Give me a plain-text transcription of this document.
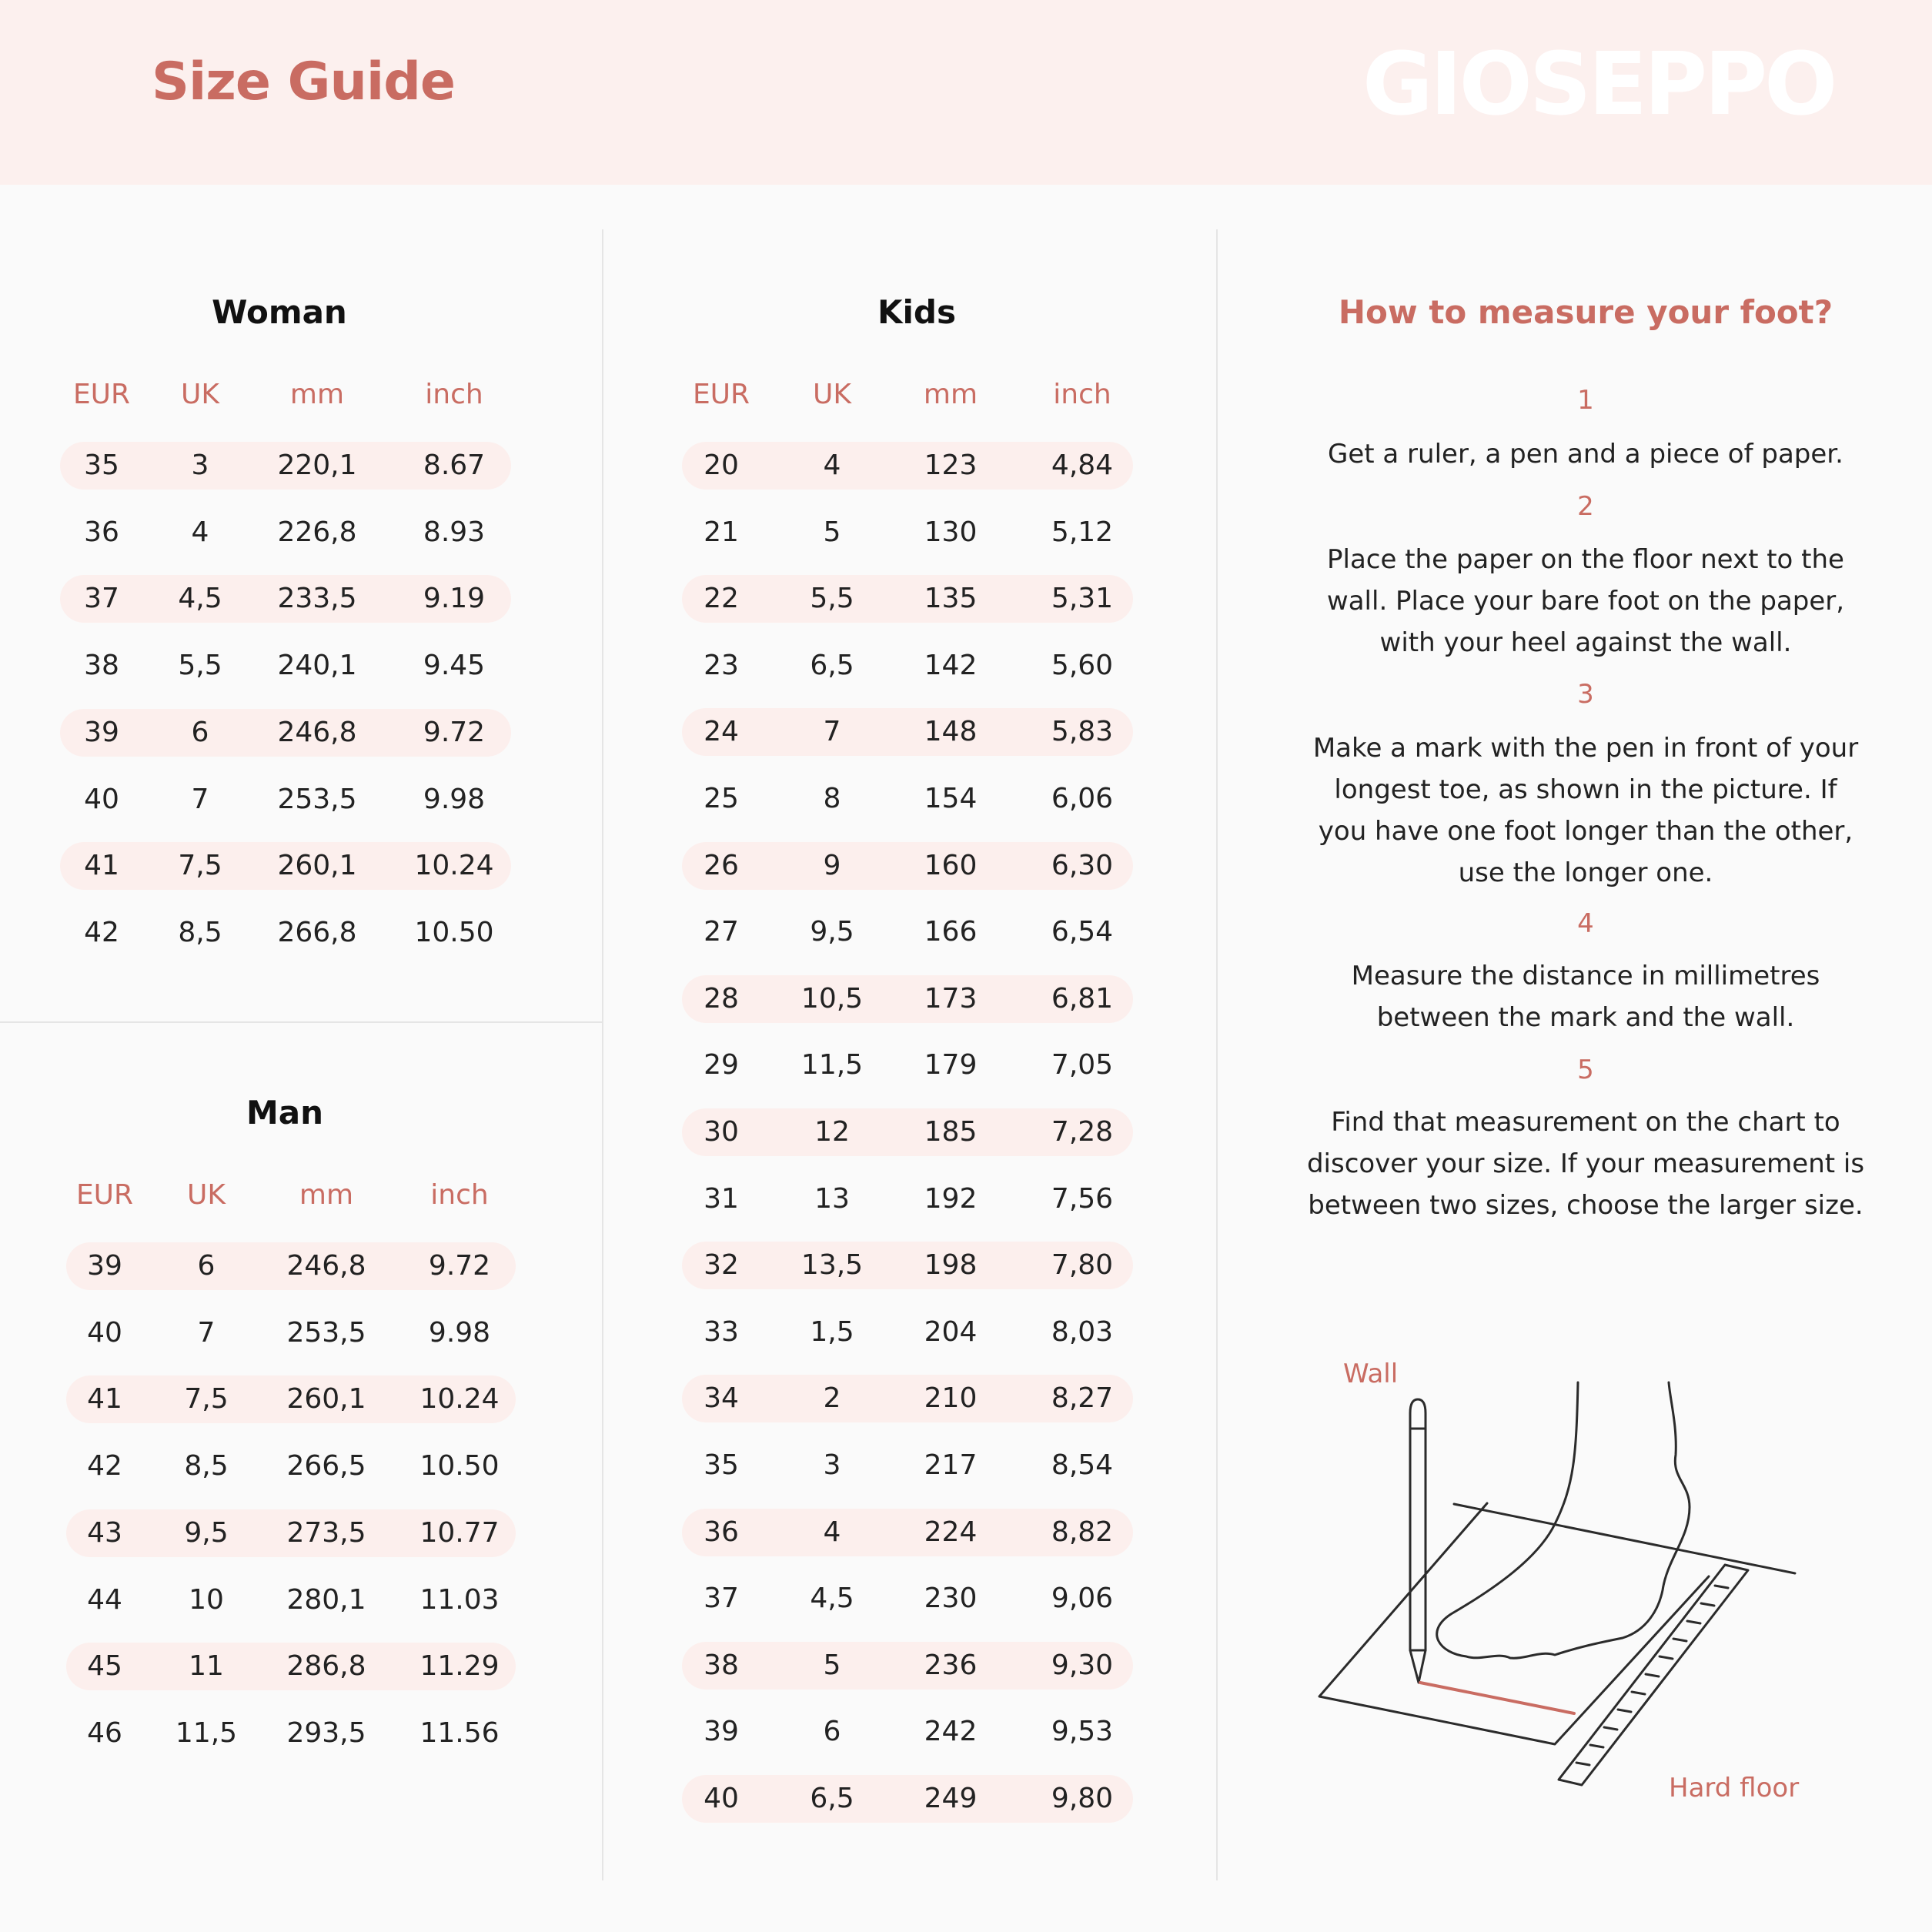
Size Guide	GIOSEPPO
Woman	Kids
Man
EUR	UK	mm	inch
35	3	220,1	8.67
36	4	226,8	8.93
37	4,5	233,5	9.19
38	5,5	240,1	9.45
39	6	246,8	9.72
40	7	253,5	9.98
41	7,5	260,1	10.24
42	8,5	266,8	10.50
EUR	UK	mm	inch
39	6	246,8	9.72
40	7	253,5	9.98
41	7,5	260,1	10.24
42	8,5	266,5	10.50
43	9,5	273,5	10.77
44	10	280,1	11.03
45	11	286,8	11.29
46	11,5	293,5	11.56
EUR	UK	mm	inch
20	4	123	4,84
21	5	130	5,12
22	5,5	135	5,31
23	6,5	142	5,60
24	7	148	5,83
25	8	154	6,06
26	9	160	6,30
27	9,5	166	6,54
28	10,5	173	6,81
29	11,5	179	7,05
30	12	185	7,28
31	13	192	7,56
32	13,5	198	7,80
33	1,5	204	8,03
34	2	210	8,27
35	3	217	8,54
36	4	224	8,82
37	4,5	230	9,06
38	5	236	9,30
39	6	242	9,53
40	6,5	249	9,80
How to measure your foot?
1
Get a ruler, a pen and a piece of paper.
2
Place the paper on the floor next to the
wall. Place your bare foot on the paper,
with your heel against the wall.
3
Make a mark with the pen in front of your
longest toe, as shown in the picture. If
you have one foot longer than the other,
use the longer one.
4
Measure the distance in millimetres
between the mark and the wall.
5
Find that measurement on the chart to
discover your size. If your measurement is
between two sizes, choose the larger size.
Wall
Hard floor
